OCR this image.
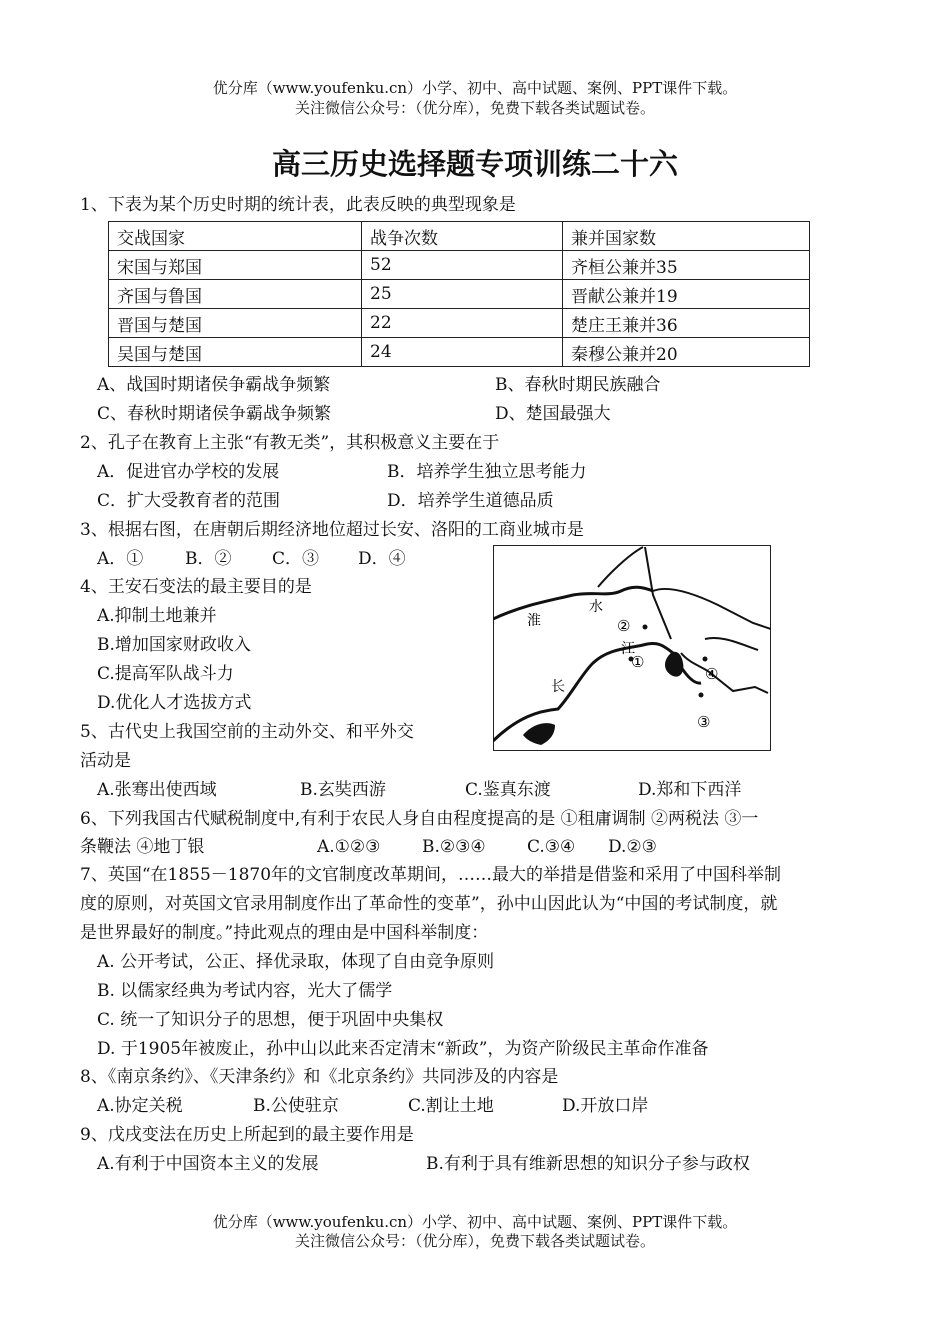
优分库（www.youfenku.cn）小学、初中、高中试题、案例、PPT课件下载。
关注微信公众号：（优分库），免费下载各类试题试卷。
高三历史选择题专项训练二十六
1、下表为某个历史时期的统计表，此表反映的典型现象是
交战国家	战争次数	兼并国家数
宋国与郑国	52	齐桓公兼并35
齐国与鲁国	25	晋献公兼并19
晋国与楚国	22	楚庄王兼并36
吴国与楚国	24	秦穆公兼并20
A、战国时期诸侯争霸战争频繁	B、春秋时期民族融合
C、春秋时期诸侯争霸战争频繁	D、楚国最强大
2、孔子在教育上主张“有教无类”，其积极意义主要在于
A．促进官办学校的发展	B．培养学生独立思考能力
C．扩大受教育者的范围	D．培养学生道德品质
3、根据右图，在唐朝后期经济地位超过长安、洛阳的工商业城市是
A．① B．② C．③ D．④
淮
水
江
长
①
②
③
④
4、王安石变法的最主要目的是
A.抑制土地兼并
B.增加国家财政收入
C.提高军队战斗力
D.优化人才选拔方式
5、古代史上我国空前的主动外交、和平外交
活动是
A.张骞出使西域	B.玄奘西游	C.鉴真东渡	D.郑和下西洋
6、下列我国古代赋税制度中,有利于农民人身自由程度提高的是 ①租庸调制 ②两税法 ③一
条鞭法 ④地丁银	A.①②③ B.②③④ C.③④ D.②③
7、英国“在1855－1870年的文官制度改革期间，……最大的举措是借鉴和采用了中国科举制
度的原则，对英国文官录用制度作出了革命性的变革”，孙中山因此认为“中国的考试制度，就
是世界最好的制度。”持此观点的理由是中国科举制度：
A. 公开考试，公正、择优录取，体现了自由竞争原则
B. 以儒家经典为考试内容，光大了儒学
C. 统一了知识分子的思想，便于巩固中央集权
D. 于1905年被废止，孙中山以此来否定清末“新政”，为资产阶级民主革命作准备
8、《南京条约》、《天津条约》和《北京条约》共同涉及的内容是
A.协定关税	B.公使驻京	C.割让土地	D.开放口岸
9、戊戌变法在历史上所起到的最主要作用是
A.有利于中国资本主义的发展	B.有利于具有维新思想的知识分子参与政权
优分库（www.youfenku.cn）小学、初中、高中试题、案例、PPT课件下载。
关注微信公众号：（优分库），免费下载各类试题试卷。
